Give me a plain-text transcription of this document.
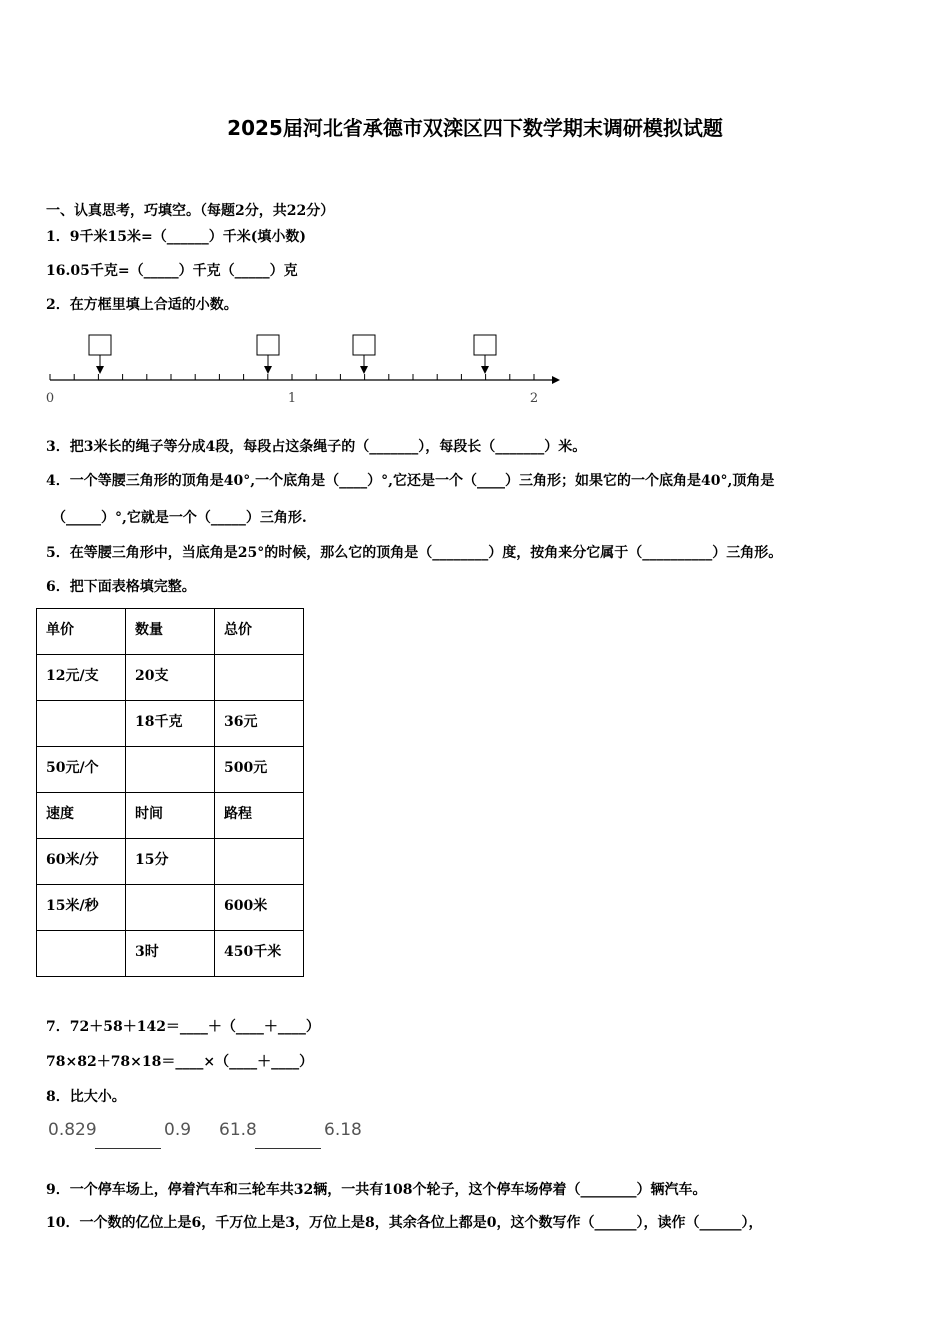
2025届河北省承德市双滦区四下数学期末调研模拟试题
一、认真思考，巧填空。（每题2分，共22分）
1．9千米15米=（______）千米(填小数)
16.05千克=（_____）千克（_____）克
2．在方框里填上合适的小数。
0	1	2
3．把3米长的绳子等分成4段，每段占这条绳子的（_______），每段长（_______）米。
4．一个等腰三角形的顶角是40°,一个底角是（____）°,它还是一个（____）三角形；如果它的一个底角是40°,顶角是
（_____）°,它就是一个（_____）三角形.
5．在等腰三角形中，当底角是25°的时候，那么它的顶角是（________）度，按角来分它属于（__________）三角形。
6．把下面表格填完整。
单价	数量	总价

12元/支	20支	

	18千克	36元

50元/个		500元

速度	时间	路程

60米/分	15分	

15米/秒		600米

	3时	450千米
7．72＋58＋142＝____＋（____＋____）
78×82＋78×18＝____×（____＋____）
8．比大小。
0.829	0.9 61.8	6.18
9．一个停车场上，停着汽车和三轮车共32辆，一共有108个轮子，这个停车场停着（________）辆汽车。
10．一个数的亿位上是6，千万位上是3，万位上是8，其余各位上都是0，这个数写作（______），读作（______），
